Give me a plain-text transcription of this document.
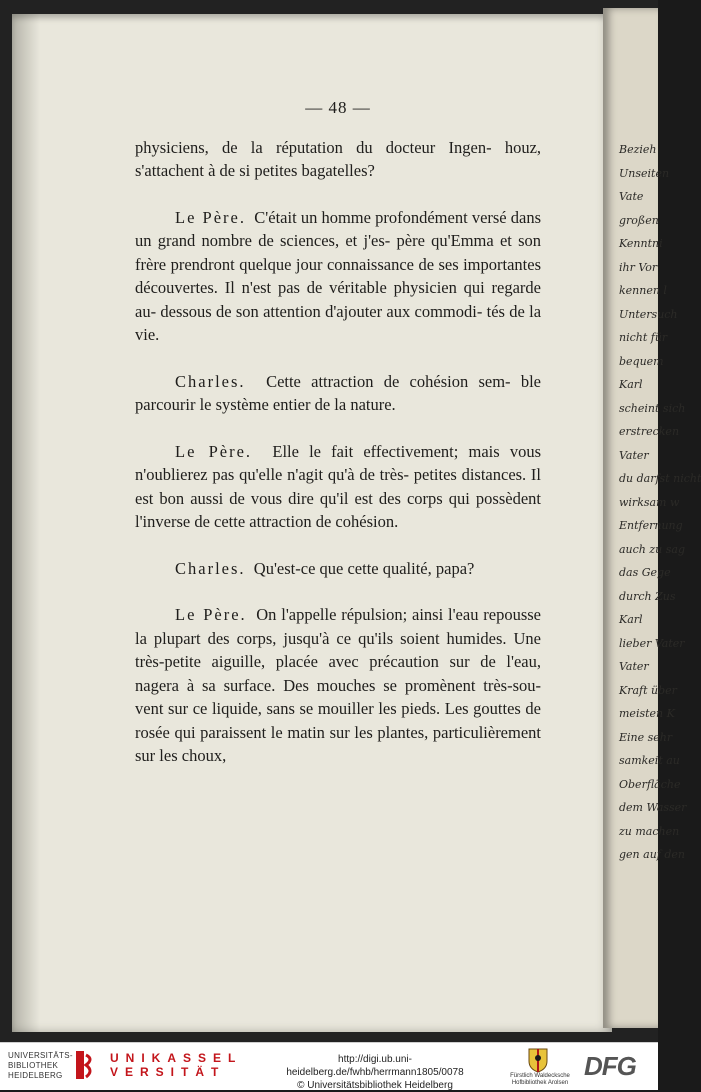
Bezieh
Unseiten
Vate
großen
Kenntni
ihr Vor
kennen l
Untersuch
nicht für
bequem
Karl
scheint sich
erstrecken
Vater
du darfst nicht
wirksam w
Entfernung
auch zu sag
das Gege
durch Zus
Karl
lieber Vater
Vater
Kraft über
meisten K
Eine sehr
samkeit au
Oberfläche
dem Wasser
zu machen
gen auf den
— 48 —

physiciens, de la réputation du docteur Ingen- houz, s'attachent à de si petites bagatelles?

Le Père. C'était un homme profondément versé dans un grand nombre de sciences, et j'es- père qu'Emma et son frère prendront quelque jour connaissance de ses importantes découvertes. Il n'est pas de véritable physicien qui regarde au- dessous de son attention d'ajouter aux commodi- tés de la vie.

Charles. Cette attraction de cohésion sem- ble parcourir le système entier de la nature.

Le Père. Elle le fait effectivement; mais vous n'oublierez pas qu'elle n'agit qu'à de très- petites distances. Il est bon aussi de vous dire qu'il est des corps qui possèdent l'inverse de cette attraction de cohésion.

Charles. Qu'est-ce que cette qualité, papa?

Le Père. On l'appelle répulsion; ainsi l'eau repousse la plupart des corps, jusqu'à ce qu'ils soient humides. Une très-petite aiguille, placée avec précaution sur de l'eau, nagera à sa surface. Des mouches se promènent très-sou- vent sur ce liquide, sans se mouiller les pieds. Les gouttes de rosée qui paraissent le matin sur les plantes, particulièrement sur les choux,

UNIVERSITÄTS-
BIBLIOTHEK
HEIDELBERG
UNIKASSEL
VERSITÄT
http://digi.ub.uni-heidelberg.de/fwhb/herrmann1805/0078
© Universitätsbibliothek Heidelberg
Fürstlich Waldecksche
Hofbibliothek Arolsen
DFG
